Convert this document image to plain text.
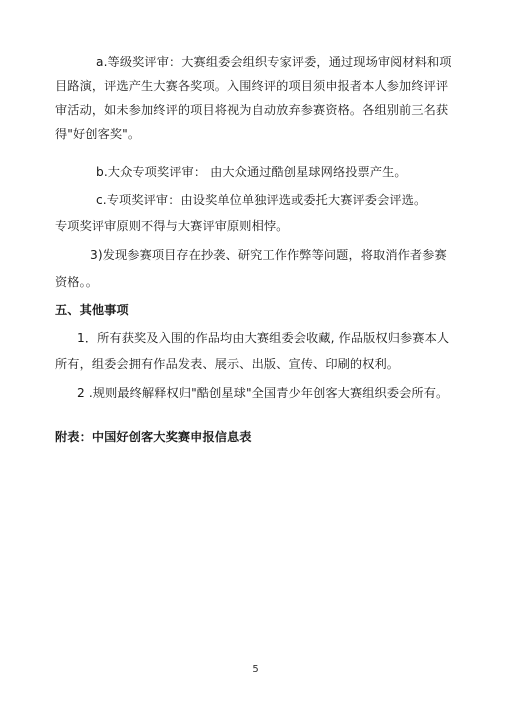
a.等级奖评审：大赛组委会组织专家评委，通过现场审阅材料和项
目路演，评选产生大赛各奖项。入围终评的项目须申报者本人参加终评评
审活动，如未参加终评的项目将视为自动放弃参赛资格。各组别前三名获
得"好创客奖"。
b.大众专项奖评审： 由大众通过酷创星球网络投票产生。
c.专项奖评审：由设奖单位单独评选或委托大赛评委会评选。
专项奖评审原则不得与大赛评审原则相悖。
3)发现参赛项目存在抄袭、研究工作作弊等问题，将取消作者参赛
资格。。
五、其他事项
1．所有获奖及入围的作品均由大赛组委会收藏, 作品版权归参赛本人
所有，组委会拥有作品发表、展示、出版、宣传、印刷的权利。
2 .规则最终解释权归"酷创星球"全国青少年创客大赛组织委会所有。
附表：中国好创客大奖赛申报信息表
5
